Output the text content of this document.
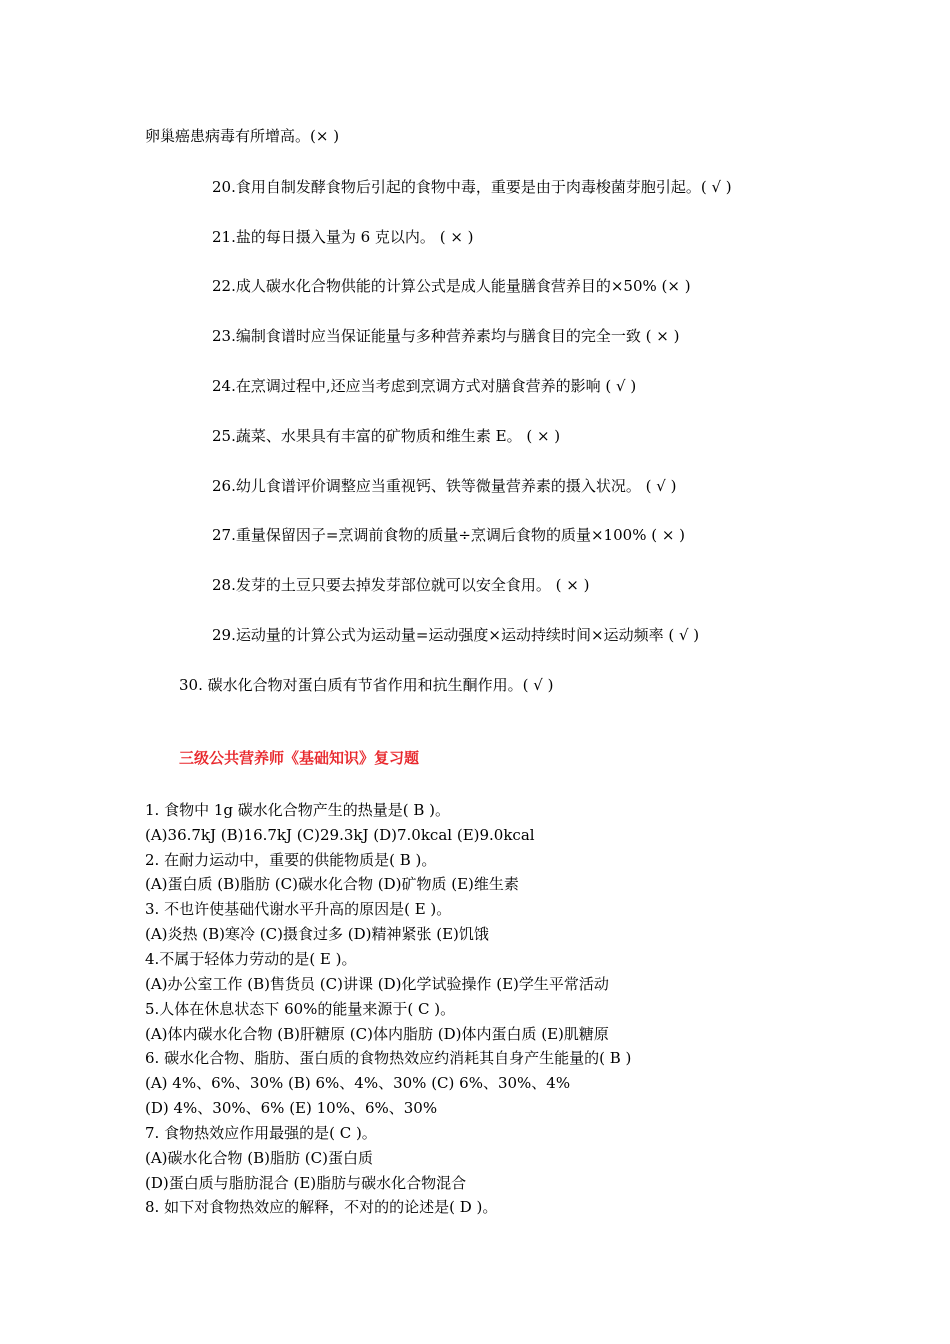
卵巢癌患病毒有所增高。(× )
20.食用自制发酵食物后引起的食物中毒，重要是由于肉毒梭菌芽胞引起。( √ )
21.盐的每日摄入量为 6 克以内。 ( × )
22.成人碳水化合物供能的计算公式是成人能量膳食营养目的×50% (× )
23.编制食谱时应当保证能量与多种营养素均与膳食目的完全一致 ( × )
24.在烹调过程中,还应当考虑到烹调方式对膳食营养的影响 ( √ )
25.蔬菜、水果具有丰富的矿物质和维生素 E。 ( × )
26.幼儿食谱评价调整应当重视钙、铁等微量营养素的摄入状况。 ( √ )
27.重量保留因子=烹调前食物的质量÷烹调后食物的质量×100% ( × )
28.发芽的土豆只要去掉发芽部位就可以安全食用。 ( × )
29.运动量的计算公式为运动量=运动强度×运动持续时间×运动频率 ( √ )
30. 碳水化合物对蛋白质有节省作用和抗生酮作用。( √ )
三级公共营养师《基础知识》复习题
1. 食物中 1g 碳水化合物产生的热量是( B )。
(A)36.7kJ (B)16.7kJ (C)29.3kJ (D)7.0kcal (E)9.0kcal
2. 在耐力运动中，重要的供能物质是( B )。
(A)蛋白质 (B)脂肪 (C)碳水化合物 (D)矿物质 (E)维生素
3. 不也许使基础代谢水平升高的原因是( E )。
(A)炎热 (B)寒冷 (C)摄食过多 (D)精神紧张 (E)饥饿
4.不属于轻体力劳动的是( E )。
(A)办公室工作 (B)售货员 (C)讲课 (D)化学试验操作 (E)学生平常活动
5.人体在休息状态下 60%的能量来源于( C )。
(A)体内碳水化合物 (B)肝糖原 (C)体内脂肪 (D)体内蛋白质 (E)肌糖原
6. 碳水化合物、脂肪、蛋白质的食物热效应约消耗其自身产生能量的( B )
(A) 4%、6%、30% (B) 6%、4%、30% (C) 6%、30%、4%
(D) 4%、30%、6% (E) 10%、6%、30%
7. 食物热效应作用最强的是( C )。
(A)碳水化合物 (B)脂肪 (C)蛋白质
(D)蛋白质与脂肪混合 (E)脂肪与碳水化合物混合
8. 如下对食物热效应的解释，不对的的论述是( D )。
